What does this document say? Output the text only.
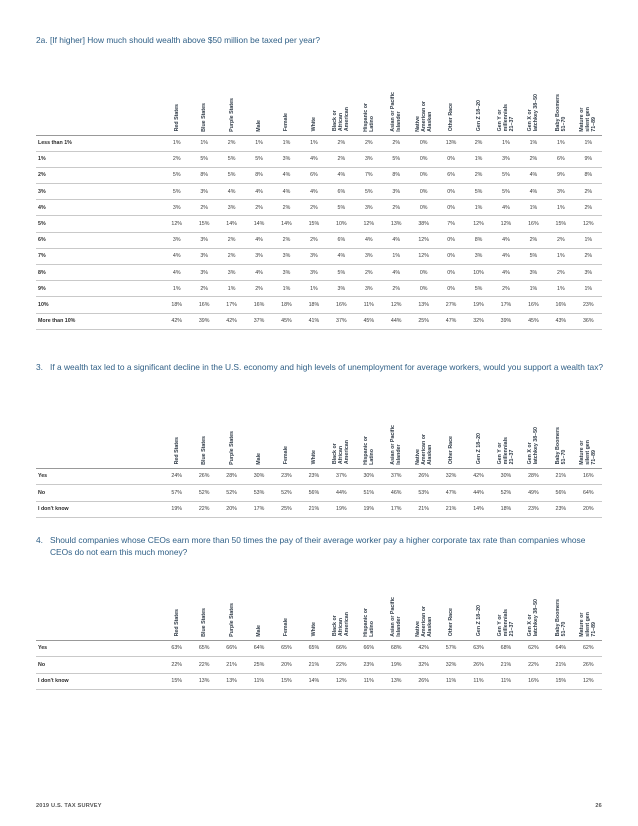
2a. [If higher] How much should wealth above $50 million be taxed per year?

	Red States	Blue States	Purple States	Male	Female	White	Black or
African
American	Hispanic or
Latino	Asian or Pacific
Islander	Native
American or
Alaskan	Other Race	Gen Z 18–20	Gen Y or
millennials
21–37	Gen X or
latchkey 38–50	Baby Boomers
51–70	Mature or
silent gen
71–89

Less than 1%	1%	1%	2%	1%	1%	1%	2%	2%	2%	0%	13%	2%	1%	1%	1%	1%
1%	2%	5%	5%	5%	3%	4%	2%	3%	5%	0%	0%	1%	3%	2%	6%	9%
2%	5%	8%	5%	8%	4%	6%	4%	7%	8%	0%	6%	2%	5%	4%	9%	8%
3%	5%	3%	4%	4%	4%	4%	6%	5%	3%	0%	0%	5%	5%	4%	3%	2%
4%	3%	2%	3%	2%	2%	2%	5%	3%	2%	0%	0%	1%	4%	1%	1%	2%
5%	12%	15%	14%	14%	14%	15%	10%	12%	13%	38%	7%	12%	12%	16%	15%	12%
6%	3%	3%	2%	4%	2%	2%	6%	4%	4%	12%	0%	8%	4%	2%	2%	1%
7%	4%	3%	2%	3%	3%	3%	4%	3%	1%	12%	0%	3%	4%	5%	1%	2%
8%	4%	3%	3%	4%	3%	3%	5%	2%	4%	0%	0%	10%	4%	3%	2%	3%
9%	1%	2%	1%	2%	1%	1%	3%	3%	2%	0%	0%	5%	2%	1%	1%	1%
10%	18%	16%	17%	16%	18%	18%	16%	11%	12%	13%	27%	19%	17%	16%	16%	23%
More than 10%	42%	39%	42%	37%	45%	41%	37%	45%	44%	25%	47%	32%	39%	45%	43%	36%
3. If a wealth tax led to a significant decline in the U.S. economy and high levels of unemployment for average workers, would you support a wealth tax?

	Red States	Blue States	Purple States	Male	Female	White	Black or
African
American	Hispanic or
Latino	Asian or Pacific
Islander	Native
American or
Alaskan	Other Race	Gen Z 18–20	Gen Y or
millennials
21–37	Gen X or
latchkey 38–50	Baby Boomers
51–70	Mature or
silent gen
71–89

Yes	24%	26%	28%	30%	23%	23%	37%	30%	37%	26%	32%	42%	30%	28%	21%	16%
No	57%	52%	52%	53%	52%	56%	44%	51%	46%	53%	47%	44%	52%	49%	56%	64%
I don't know	19%	22%	20%	17%	25%	21%	19%	19%	17%	21%	21%	14%	18%	23%	23%	20%
4. Should companies whose CEOs earn more than 50 times the pay of their average worker pay a higher corporate tax rate than companies whose CEOs do not earn this much money?

	Red States	Blue States	Purple States	Male	Female	White	Black or
African
American	Hispanic or
Latino	Asian or Pacific
Islander	Native
American or
Alaskan	Other Race	Gen Z 18–20	Gen Y or
millennials
21–37	Gen X or
latchkey 38–50	Baby Boomers
51–70	Mature or
silent gen
71–89

Yes	63%	65%	66%	64%	65%	65%	66%	66%	68%	42%	57%	63%	68%	62%	64%	62%
No	22%	22%	21%	25%	20%	21%	22%	23%	19%	32%	32%	26%	21%	22%	21%	26%
I don't know	15%	13%	13%	11%	15%	14%	12%	11%	13%	26%	11%	11%	11%	16%	15%	12%
2019 U.S. TAX SURVEY	26
